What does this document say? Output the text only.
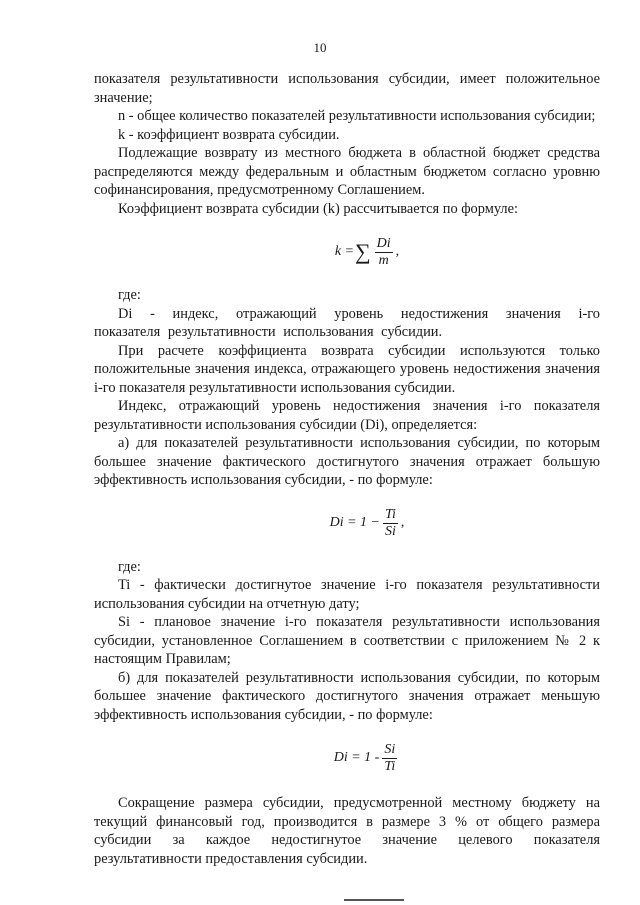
10

показателя результативности использования субсидии, имеет положительное значение;

n - общее количество показателей результативности использования субсидии;

k - коэффициент возврата субсидии.

Подлежащие возврату из местного бюджета в областной бюджет средства распределяются между федеральным и областным бюджетом согласно уровню софинансирования, предусмотренному Соглашением.

Коэффициент возврата субсидии (k) рассчитывается по формуле:

k = ∑ $\frac{Di}{m}$ ,

где:

Di - индекс, отражающий уровень недостижения значения i-го показателя результативности использования субсидии.

При расчете коэффициента возврата субсидии используются только положительные значения индекса, отражающего уровень недостижения значения i-го показателя результативности использования субсидии.

Индекс, отражающий уровень недостижения значения i-го показателя результативности использования субсидии (Di), определяется:

а) для показателей результативности использования субсидии, по которым большее значение фактического достигнутого значения отражает большую эффективность использования субсидии, - по формуле:

$Di = 1 - \frac{Ti}{Si}$ ,

где:

Ti - фактически достигнутое значение i-го показателя результативности использования субсидии на отчетную дату;

Si - плановое значение i-го показателя результативности использования субсидии, установленное Соглашением в соответствии с приложением № 2 к настоящим Правилам;

б) для показателей результативности использования субсидии, по которым большее значение фактического достигнутого значения отражает меньшую эффективность использования субсидии, - по формуле:

$Di = 1 - \frac{Si}{Ti}$

Сокращение размера субсидии, предусмотренной местному бюджету на текущий финансовый год, производится в размере 3 % от общего размера субсидии за каждое недостигнутое значение целевого показателя результативности предоставления субсидии.
